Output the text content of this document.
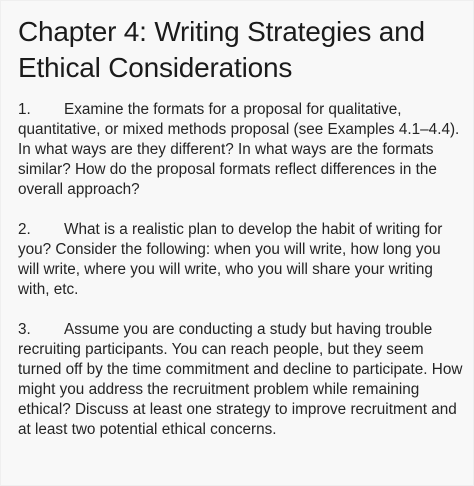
Chapter 4: Writing Strategies and Ethical Considerations

1. Examine the formats for a proposal for qualitative, quantitative, or mixed methods proposal (see Examples 4.1–4.4). In what ways are they different? In what ways are the formats similar? How do the proposal formats reflect differences in the overall approach?

2. What is a realistic plan to develop the habit of writing for you? Consider the following: when you will write, how long you will write, where you will write, who you will share your writing with, etc.

3. Assume you are conducting a study but having trouble recruiting participants. You can reach people, but they seem turned off by the time commitment and decline to participate. How might you address the recruitment problem while remaining ethical? Discuss at least one strategy to improve recruitment and at least two potential ethical concerns.
